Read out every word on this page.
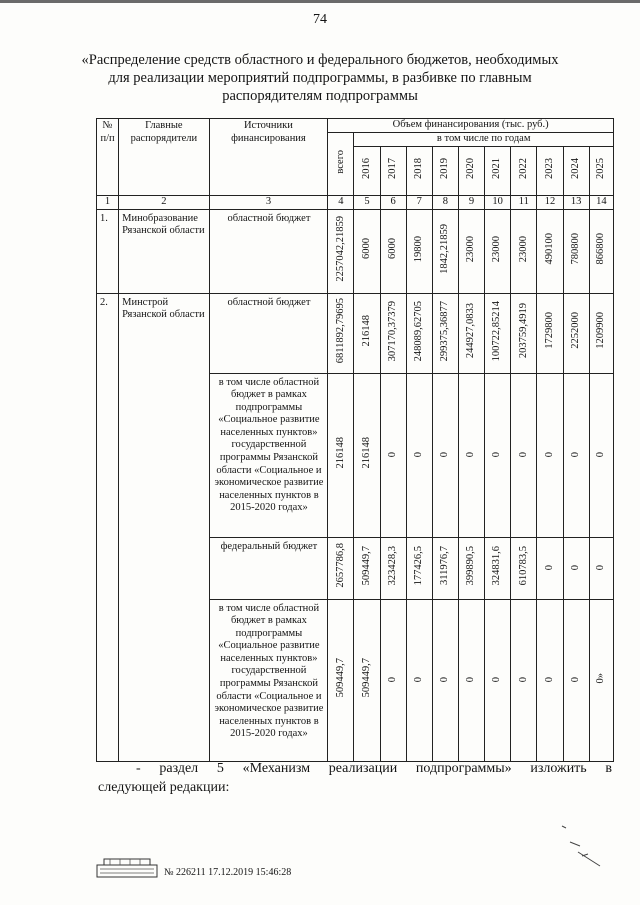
74
«Распределение средств областного и федерального бюджетов, необходимых
для реализации мероприятий подпрограммы, в разбивке по главным
распорядителям подпрограммы
№ п/п	Главные распорядители	Источники финансирования	Объем финансирования (тыс. руб.)										
			всего	в том числе по годам									
				2016	2017	2018	2019	2020	2021	2022	2023	2024	2025
1	2	3	4	5	6	7	8	9	10	11	12	13	14
1.	Минобразование Рязанской области	областной бюджет	2257042,21859	6000	6000	19800	1842,21859	23000	23000	23000	490100	780800	866800
2.	Минстрой Рязанской области	областной бюджет	6811892,79695	216148	307170,37379	248089,62705	299375,36877	244927,0833	100722,85214	203759,4919	1729800	2252000	1209900
		в том числе областной бюджет в рамках подпрограммы «Социальное развитие населенных пунктов» государственной программы Рязанской области «Социальное и экономическое развитие населенных пунктов в 2015-2020 годах»	216148	216148	0	0	0	0	0	0	0	0	0
		федеральный бюджет	2657786,8	509449,7	323428,3	177426,5	311976,7	399890,5	324831,6	610783,5	0	0	0
		в том числе областной бюджет в рамках подпрограммы «Социальное развитие населенных пунктов» государственной программы Рязанской области «Социальное и экономическое развитие населенных пунктов в 2015-2020 годах»	509449,7	509449,7	0	0	0	0	0	0	0	0	0»
- раздел 5 «Механизм реализации подпрограммы» изложить в
следующей редакции:
№ 226211 17.12.2019 15:46:28
